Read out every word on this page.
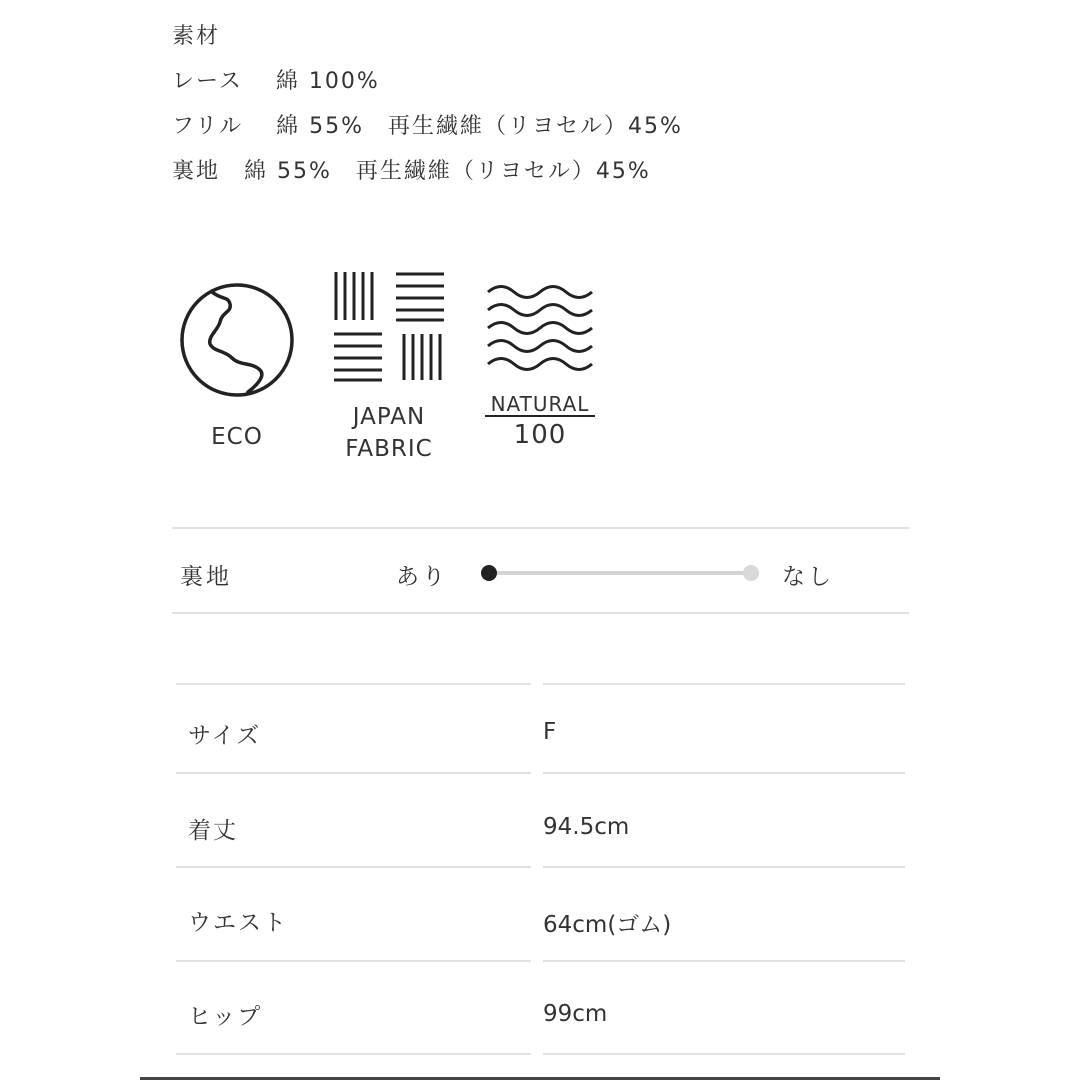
素材
レース　 綿 100%
フリル　 綿 55%　再生繊維（リヨセル）45%
裏地　綿 55%　再生繊維（リヨセル）45%
ECO
JAPAN
FABRIC
NATURAL
100
裏地	あり	なし
サイズ	F
着丈	94.5cm
ウエスト	64cm(ゴム)
ヒップ	99cm
